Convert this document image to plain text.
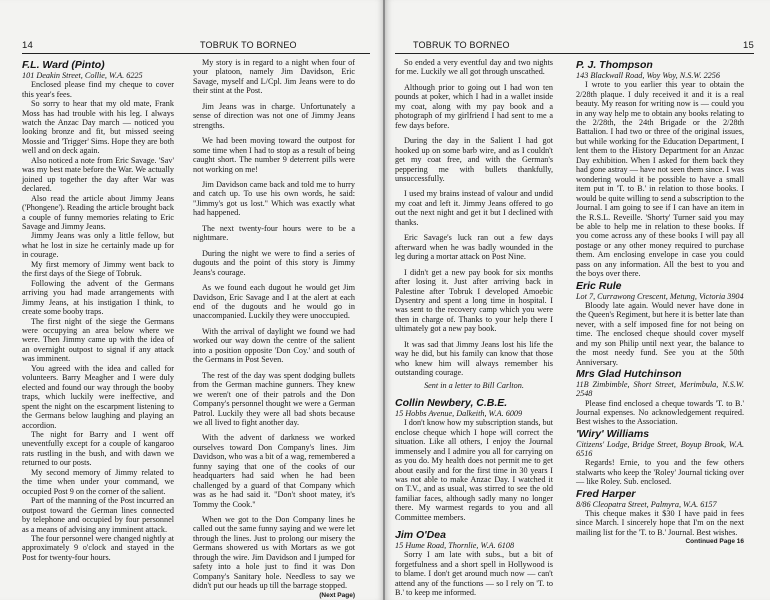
14	TOBRUK TO BORNEO
F.L. Ward (Pinto)
101 Deakin Street, Collie, W.A. 6225

Enclosed please find my cheque to cover this year's fees.

So sorry to hear that my old mate, Frank Moss has had trouble with his leg. I always watch the Anzac Day march — noticed you looking bronze and fit, but missed seeing Mossie and 'Trigger' Sims. Hope they are both well and on deck again.

Also noticed a note from Eric Savage. 'Sav' was my best mate before the War. We actually joined up together the day after War was declared.

Also read the article about Jimmy Jeans ('Phongene'). Reading the article brought back a couple of funny memories relating to Eric Savage and Jimmy Jeans.

Jimmy Jeans was only a little fellow, but what he lost in size he certainly made up for in courage.

My first memory of Jimmy went back to the first days of the Siege of Tobruk.

Following the advent of the Germans arriving you had made arrangements with Jimmy Jeans, at his instigation I think, to create some booby traps.

The first night of the siege the Germans were occupying an area below where we were. Then Jimmy came up with the idea of an overnight outpost to signal if any attack was imminent.

You agreed with the idea and called for volunteers. Barry Meagher and I were duly elected and found our way through the booby traps, which luckily were ineffective, and spent the night on the escarpment listening to the Germans below laughing and playing an accordion.

The night for Barry and I went off uneventfully except for a couple of kangaroo rats rustling in the bush, and with dawn we returned to our posts.

My second memory of Jimmy related to the time when under your command, we occupied Post 9 on the corner of the salient.

Part of the manning of the Post incurred an outpost toward the German lines connected by telephone and occupied by four personnel as a means of advising any imminent attack.

The four personnel were changed nightly at approximately 9 o'clock and stayed in the Post for twenty-four hours.

My story is in regard to a night when four of your platoon, namely Jim Davidson, Eric Savage, myself and L/Cpl. Jim Jeans were to do their stint at the Post.

Jim Jeans was in charge. Unfortunately a sense of direction was not one of Jimmy Jeans strengths.

We had been moving toward the outpost for some time when I had to stop as a result of being caught short. The number 9 deterrent pills were not working on me!

Jim Davidson came back and told me to hurry and catch up. To use his own words, he said: "Jimmy's got us lost." Which was exactly what had happened.

The next twenty-four hours were to be a nightmare.

During the night we were to find a series of dugouts and the point of this story is Jimmy Jeans's courage.

As we found each dugout he would get Jim Davidson, Eric Savage and I at the alert at each end of the dugouts and he would go in unaccompanied. Luckily they were unoccupied.

With the arrival of daylight we found we had worked our way down the centre of the salient into a position opposite 'Don Coy.' and south of the Germans in Post Seven.

The rest of the day was spent dodging bullets from the German machine gunners. They knew we weren't one of their patrols and the Don Company's personnel thought we were a German Patrol. Luckily they were all bad shots because we all lived to fight another day.

With the advent of darkness we worked ourselves toward Don Company's lines. Jim Davidson, who was a bit of a wag, remembered a funny saying that one of the cooks of our headquarters had said when he had been challenged by a guard of that Company which was as he had said it. "Don't shoot matey, it's Tommy the Cook."

When we got to the Don Company lines he called out the same funny saying and we were let through the lines. Just to prolong our misery the Germans showered us with Mortars as we got through the wire. Jim Davidson and I jumped for safety into a hole just to find it was Don Company's Sanitary hole. Needless to say we didn't put our heads up till the barrage stopped.

(Next Page)
TOBRUK TO BORNEO	15

So ended a very eventful day and two nights for me. Luckily we all got through unscathed.

Although prior to going out I had won ten pounds at poker, which I had in a wallet inside my coat, along with my pay book and a photograph of my girlfriend I had sent to me a few days before.

During the day in the Salient I had got hooked up on some barb wire, and as I couldn't get my coat free, and with the German's peppering me with bullets thankfully, unsuccessfully.

I used my brains instead of valour and undid my coat and left it. Jimmy Jeans offered to go out the next night and get it but I declined with thanks.

Eric Savage's luck ran out a few days afterward when he was badly wounded in the leg during a mortar attack on Post Nine.

I didn't get a new pay book for six months after losing it. Just after arriving back in Palestine after Tobruk I developed Amoebic Dysentry and spent a long time in hospital. I was sent to the recovery camp which you were then in charge of. Thanks to your help there I ultimately got a new pay book.

It was sad that Jimmy Jeans lost his life the way he did, but his family can know that those who knew him will always remember his outstanding courage.

Sent in a letter to Bill Carlton.
Collin Newbery, C.B.E.
15 Hobbs Avenue, Dalkeith, W.A. 6009

I don't know how my subscription stands, but enclose cheque which I hope will correct the situation. Like all others, I enjoy the Journal immensely and I admire you all for carrying on as you do. My health does not permit me to get about easily and for the first time in 30 years I was not able to make Anzac Day. I watched it on T.V., and as usual, was stirred to see the old familiar faces, although sadly many no longer there. My warmest regards to you and all Committee members.

Jim O'Dea
15 Hume Road, Thornlie, W.A. 6108

Sorry I am late with subs., but a bit of forgetfulness and a short spell in Hollywood is to blame. I don't get around much now — can't attend any of the functions — so I rely on 'T. to B.' to keep me informed.

P. J. Thompson
143 Blackwall Road, Woy Woy, N.S.W. 2256

I wrote to you earlier this year to obtain the 2/28th plaque. I duly received it and it is a real beauty. My reason for writing now is — could you in any way help me to obtain any books relating to the 2/28th, the 24th Brigade or the 2/28th Battalion. I had two or three of the original issues, but while working for the Education Department, I lent them to the History Department for an Anzac Day exhibition. When I asked for them back they had gone astray — have not seen them since. I was wondering would it be possible to have a small item put in 'T. to B.' in relation to those books. I would be quite willing to send a subscription to the Journal. I am going to see if I can have an item in the R.S.L. Reveille. 'Shorty' Turner said you may be able to help me in relation to these books. If you come across any of these books I will pay all postage or any other money required to purchase them. Am enclosing envelope in case you could pass on any information. All the best to you and the boys over there.

Eric Rule
Lot 7, Currawong Crescent, Metung, Victoria 3904

Bloody late again. Would never have done in the Queen's Regiment, but here it is better late than never, with a self imposed fine for not being on time. The enclosed cheque should cover myself and my son Philip until next year, the balance to the most needy fund. See you at the 50th Anniversary.

Mrs Glad Hutchinson
11B Zimbimble, Short Street, Merimbula, N.S.W. 2548

Please find enclosed a cheque towards 'T. to B.' Journal expenses. No acknowledgement required. Best wishes to the Association.

'Wiry' Williams
Citizens' Lodge, Bridge Street, Boyup Brook, W.A. 6516

Regards! Ernie, to you and the few others stalwarts who keep the 'Roley' Journal ticking over — like Roley. Sub. enclosed.

Fred Harper
8/86 Cleopatra Street, Palmyra, W.A. 6157

This cheque makes it $30 I have paid in fees since March. I sincerely hope that I'm on the next mailing list for the 'T. to B.' Journal. Best wishes.

Continued Page 16
